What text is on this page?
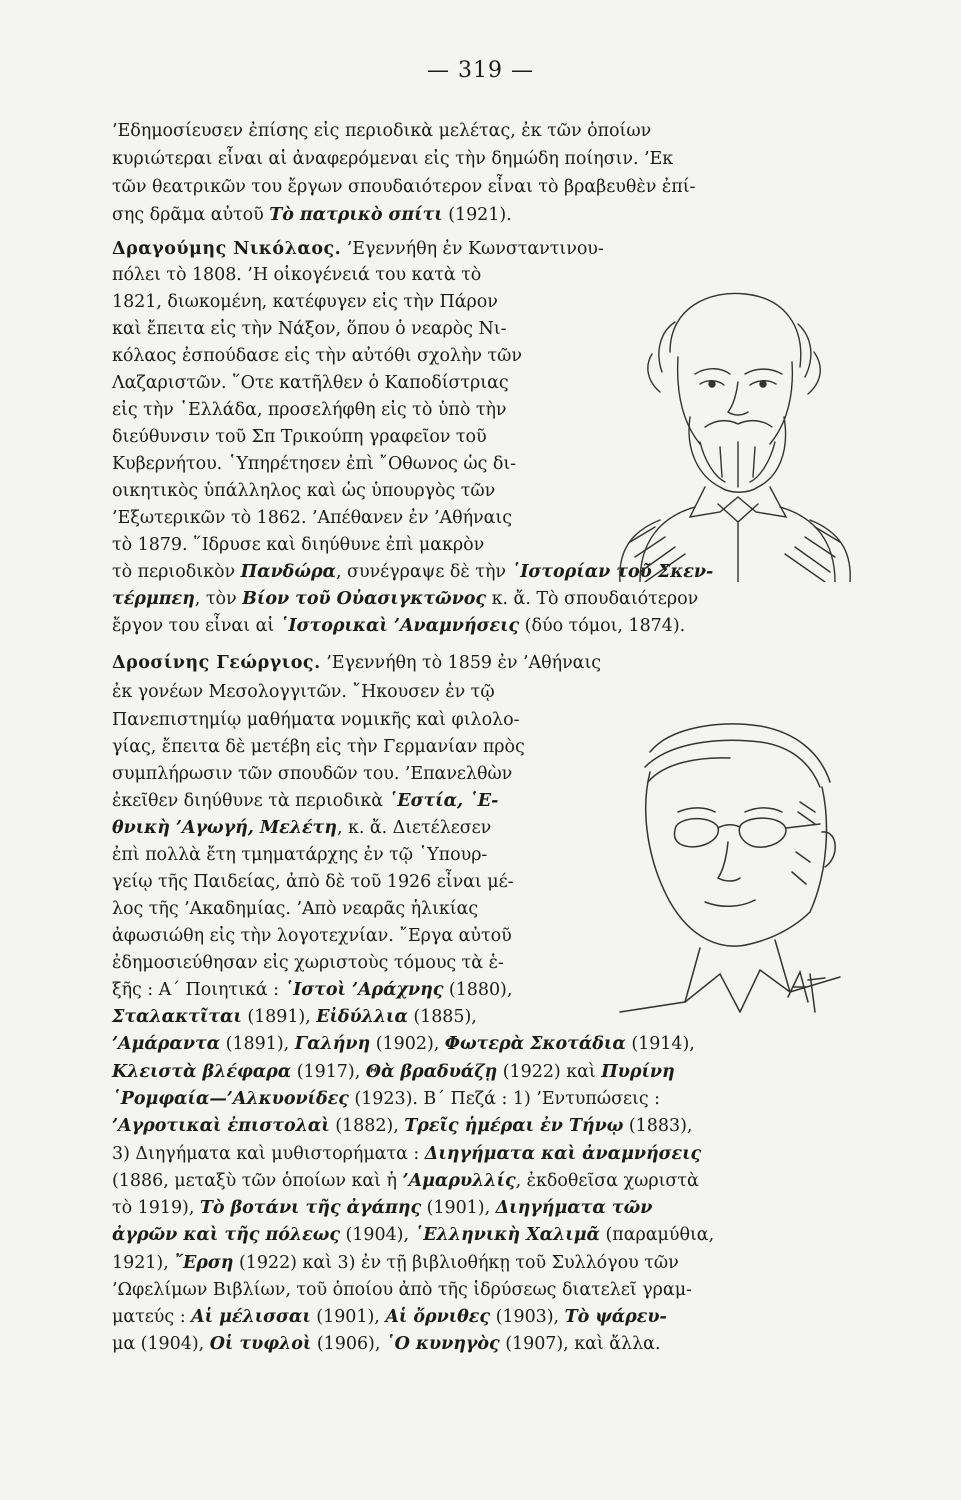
— 319 —
’Εδημοσίευσεν ἐπίσης εἰς περιοδικὰ μελέτας, ἐκ τῶν ὁποίων
κυριώτεραι εἶναι αἱ ἀναφερόμεναι εἰς τὴν δημώδη ποίησιν. ’Εκ
τῶν θεατρικῶν του ἔργων σπουδαιότερον εἶναι τὸ βραβευθὲν ἐπί-
σης δρᾶμα αὐτοῦ Τὸ πατρικὸ σπίτι (1921).
Δραγούμης Νικόλαος. ’Εγεννήθη ἐν Κωνσταντινου-
πόλει τὸ 1808. ’Η οἰκογένειά του κατὰ τὸ
1821, διωκομένη, κατέφυγεν εἰς τὴν Πάρον
καὶ ἔπειτα εἰς τὴν Νάξον, ὅπου ὁ νεαρὸς Νι-
κόλαος ἐσπούδασε εἰς τὴν αὐτόθι σχολὴν τῶν
Λαζαριστῶν. ῞Οτε κατῆλθεν ὁ Καποδίστριας
εἰς τὴν ῾Ελλάδα, προσελήφθη εἰς τὸ ὑπὸ τὴν
διεύθυνσιν τοῦ Σπ Τρικούπη γραφεῖον τοῦ
Κυβερνήτου. ῾Υπηρέτησεν ἐπὶ ῎Οθωνος ὡς δι-
οικητικὸς ὑπάλληλος καὶ ὡς ὑπουργὸς τῶν
’Εξωτερικῶν τὸ 1862. ’Απέθανεν ἐν ’Αθήναις
τὸ 1879. ῞Ιδρυσε καὶ διηύθυνε ἐπὶ μακρὸν
τὸ περιοδικὸν Πανδώρα, συνέγραψε δὲ τὴν ῾Ιστορίαν τοῦ Σκεν-
τέρμπεη, τὸν Βίον τοῦ Οὐασιγκτῶνος κ. ἄ. Τὸ σπουδαιότερον
ἔργον του εἶναι αἱ ῾Ιστορικαὶ ’Αναμνήσεις (δύο τόμοι, 1874).
Δροσίνης Γεώργιος. ’Εγεννήθη τὸ 1859 ἐν ’Αθήναις
ἐκ γονέων Μεσολογγιτῶν. ῎Ηκουσεν ἐν τῷ
Πανεπιστημίῳ μαθήματα νομικῆς καὶ φιλολο-
γίας, ἔπειτα δὲ μετέβη εἰς τὴν Γερμανίαν πρὸς
συμπλήρωσιν τῶν σπουδῶν του. ’Επανελθὼν
ἐκεῖθεν διηύθυνε τὰ περιοδικὰ ῾Εστία, ῾Ε-
θνικὴ ’Αγωγή, Μελέτη, κ. ἄ. Διετέλεσεν
ἐπὶ πολλὰ ἔτη τμηματάρχης ἐν τῷ ῾Υπουρ-
γείῳ τῆς Παιδείας, ἀπὸ δὲ τοῦ 1926 εἶναι μέ-
λος τῆς ’Ακαδημίας. ’Απὸ νεαρᾶς ἡλικίας
ἀφωσιώθη εἰς τὴν λογοτεχνίαν. ῎Εργα αὐτοῦ
ἐδημοσιεύθησαν εἰς χωριστοὺς τόμους τὰ ἑ-
ξῆς : Α΄ Ποιητικά : ῾Ιστοὶ ’Αράχνης (1880),
Σταλακτῖται (1891), Εἰδύλλια (1885),
’Αμάραντα (1891), Γαλήνη (1902), Φωτερὰ Σκοτάδια (1914),
Κλειστὰ βλέφαρα (1917), Θὰ βραδυάζῃ (1922) καὶ Πυρίνη
῾Ρομφαία—’Αλκυονίδες (1923). Β΄ Πεζά : 1) ’Εντυπώσεις :
’Αγροτικαὶ ἐπιστολαὶ (1882), Τρεῖς ἡμέραι ἐν Τήνῳ (1883),
3) Διηγήματα καὶ μυθιστορήματα : Διηγήματα καὶ ἀναμνήσεις
(1886, μεταξὺ τῶν ὁποίων καὶ ἡ ’Αμαρυλλίς, ἐκδοθεῖσα χωριστὰ
τὸ 1919), Τὸ βοτάνι τῆς ἀγάπης (1901), Διηγήματα τῶν
ἀγρῶν καὶ τῆς πόλεως (1904), ῾Ελληνικὴ Χαλιμᾶ (παραμύθια,
1921), ῎Ερση (1922) καὶ 3) ἐν τῇ βιβλιοθήκῃ τοῦ Συλλόγου τῶν
’Ωφελίμων Βιβλίων, τοῦ ὁποίου ἀπὸ τῆς ἱδρύσεως διατελεῖ γραμ-
ματεύς : Αἱ μέλισσαι (1901), Αἱ ὄρνιθες (1903), Τὸ ψάρευ-
μα (1904), Οἱ τυφλοὶ (1906), ῾Ο κυνηγὸς (1907), καὶ ἄλλα.
